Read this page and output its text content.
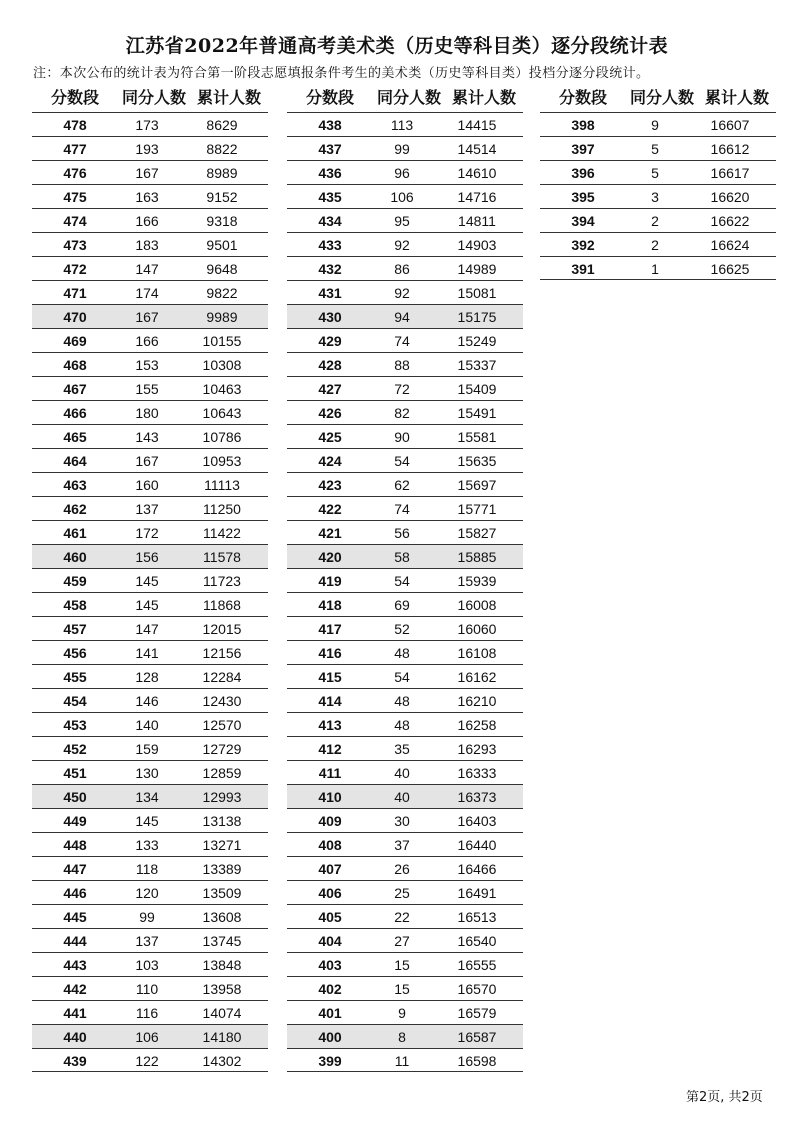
江苏省2022年普通高考美术类（历史等科目类）逐分段统计表
注：本次公布的统计表为符合第一阶段志愿填报条件考生的美术类（历史等科目类）投档分逐分段统计。
分数段	同分人数 累计人数
478	173	8629
477	193	8822
476	167	8989
475	163	9152
474	166	9318
473	183	9501
472	147	9648
471	174	9822
470	167	9989
469	166	10155
468	153	10308
467	155	10463
466	180	10643
465	143	10786
464	167	10953
463	160	11113
462	137	11250
461	172	11422
460	156	11578
459	145	11723
458	145	11868
457	147	12015
456	141	12156
455	128	12284
454	146	12430
453	140	12570
452	159	12729
451	130	12859
450	134	12993
449	145	13138
448	133	13271
447	118	13389
446	120	13509
445	99	13608
444	137	13745
443	103	13848
442	110	13958
441	116	14074
440	106	14180
439	122	14302
分数段	同分人数 累计人数
438	113	14415
437	99	14514
436	96	14610
435	106	14716
434	95	14811
433	92	14903
432	86	14989
431	92	15081
430	94	15175
429	74	15249
428	88	15337
427	72	15409
426	82	15491
425	90	15581
424	54	15635
423	62	15697
422	74	15771
421	56	15827
420	58	15885
419	54	15939
418	69	16008
417	52	16060
416	48	16108
415	54	16162
414	48	16210
413	48	16258
412	35	16293
411	40	16333
410	40	16373
409	30	16403
408	37	16440
407	26	16466
406	25	16491
405	22	16513
404	27	16540
403	15	16555
402	15	16570
401	9	16579
400	8	16587
399	11	16598
分数段	同分人数 累计人数
398	9	16607
397	5	16612
396	5	16617
395	3	16620
394	2	16622
392	2	16624
391	1	16625
第2页, 共2页
